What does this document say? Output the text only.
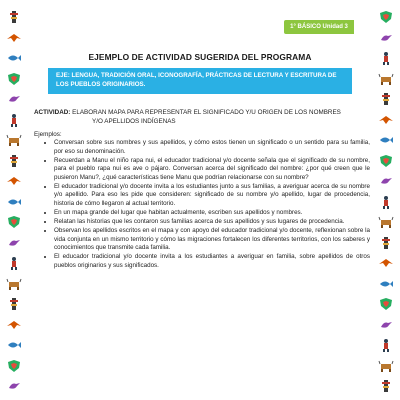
1° BÁSICO Unidad 3
EJEMPLO DE ACTIVIDAD SUGERIDA DEL PROGRAMA
EJE: LENGUA, TRADICIÓN ORAL, ICONOGRAFÍA, PRÁCTICAS DE LECTURA Y ESCRITURA DE LOS PUEBLOS ORIGINARIOS.
ACTIVIDAD: ELABORAN MAPA PARA REPRESENTAR EL SIGNIFICADO Y/U ORIGEN DE LOS NOMBRES
Y/O APELLIDOS INDÍGENAS
Ejemplos:
• Conversan sobre sus nombres y sus apellidos, y cómo estos tienen un significado o un sentido para su familia, por eso su denominación.
• Recuerdan a Manu el niño rapa nui, el educador tradicional y/o docente señala que el significado de su nombre, para el pueblo rapa nui es ave o pájaro. Conversan acerca del significado del nombre: ¿por qué creen que le pusieron Manu?, ¿qué características tiene Manu que podrían relacionarse con su nombre?
• El educador tradicional y/o docente invita a los estudiantes junto a sus familias, a averiguar acerca de su nombre y/o apellido. Para eso les pide que consideren: significado de su nombre y/o apellido, lugar de procedencia, historia de cómo llegaron al actual territorio.
• En un mapa grande del lugar que habitan actualmente, escriben sus apellidos y nombres.
• Relatan las historias que les contaron sus familias acerca de sus apellidos y sus lugares de procedencia.
• Observan los apellidos escritos en el mapa y con apoyo del educador tradicional y/o docente, reflexionan sobre la vida conjunta en un mismo territorio y cómo las migraciones fortalecen los diferentes territorios, con los saberes y conocimientos que transmite cada familia.
• El educador tradicional y/o docente invita a los estudiantes a averiguar en familia, sobre apellidos de otros pueblos originarios y sus significados.
